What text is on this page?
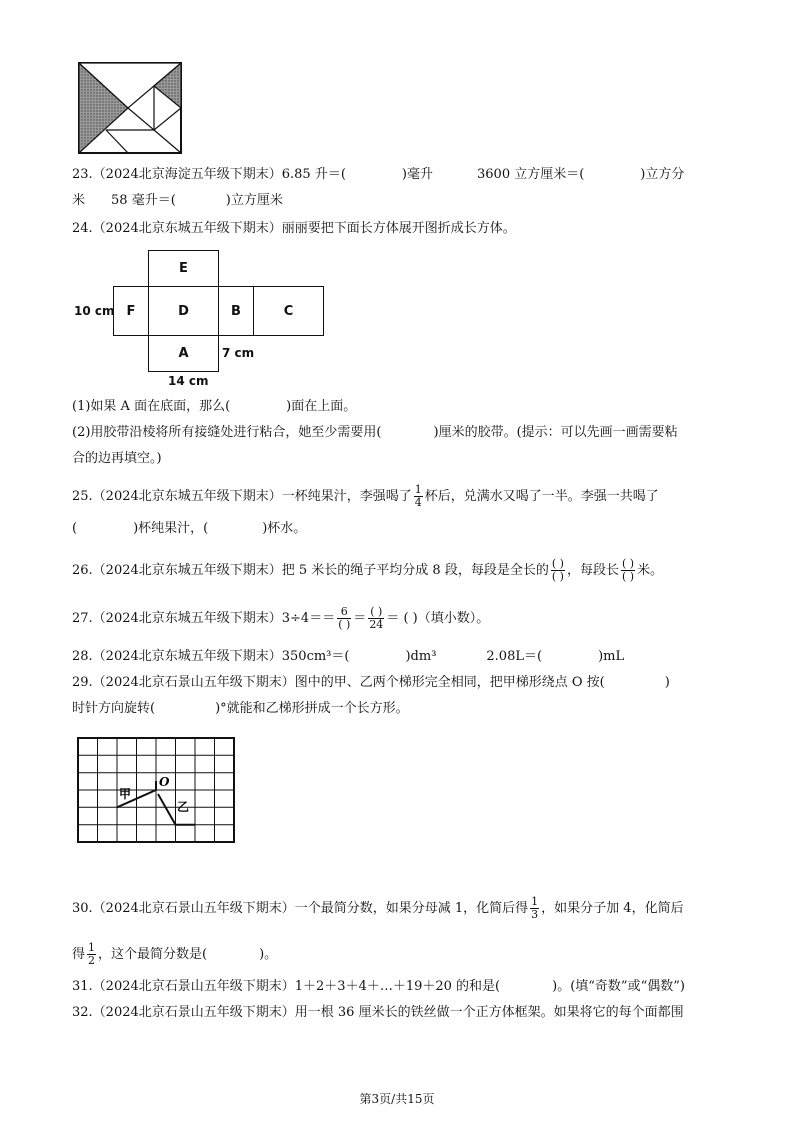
23.（2024北京海淀五年级下期末）6.85 升＝(	)毫升	3600 立方厘米＝(	)立方分
米 58 毫升＝(	)立方厘米
24.（2024北京东城五年级下期末）丽丽要把下面长方体展开图折成长方体。
E
F	D	B	C
A
10 cm
7 cm
14 cm
(1)如果 A 面在底面，那么(	)面在上面。
(2)用胶带沿棱将所有接缝处进行粘合，她至少需要用(	)厘米的胶带。(提示：可以先画一画需要粘
合的边再填空。)
25.（2024北京东城五年级下期末）一杯纯果汁，李强喝了 $\frac{1}{4}$ 杯后，兑满水又喝了一半。李强一共喝了
(	)杯纯果汁，(	)杯水。
26.（2024北京东城五年级下期末）把 5 米长的绳子平均分成 8 段，每段是全长的 $\frac{( )}{( )}$ ，每段长 $\frac{( )}{( )}$ 米。
27.（2024北京东城五年级下期末）$3\div 4== \frac{6}{( )} = \frac{( )}{24}$ ＝ ( )（填小数）。
28.（2024北京东城五年级下期末）350cm³＝(	)dm³	2.08L＝(	)mL
29.（2024北京石景山五年级下期末）图中的甲、乙两个梯形完全相同，把甲梯形绕点 O 按(	)
时针方向旋转(	)°就能和乙梯形拼成一个长方形。
甲
O
乙
30.（2024北京石景山五年级下期末）一个最简分数，如果分母减 1，化简后得 $\frac{1}{3}$ ，如果分子加 4，化简后
得 $\frac{1}{2}$ ，这个最简分数是(	)。
31.（2024北京石景山五年级下期末）1＋2＋3＋4＋…＋19＋20 的和是(	)。(填“奇数”或“偶数”)
32.（2024北京石景山五年级下期末）用一根 36 厘米长的铁丝做一个正方体框架。如果将它的每个面都围
第3页/共15页
